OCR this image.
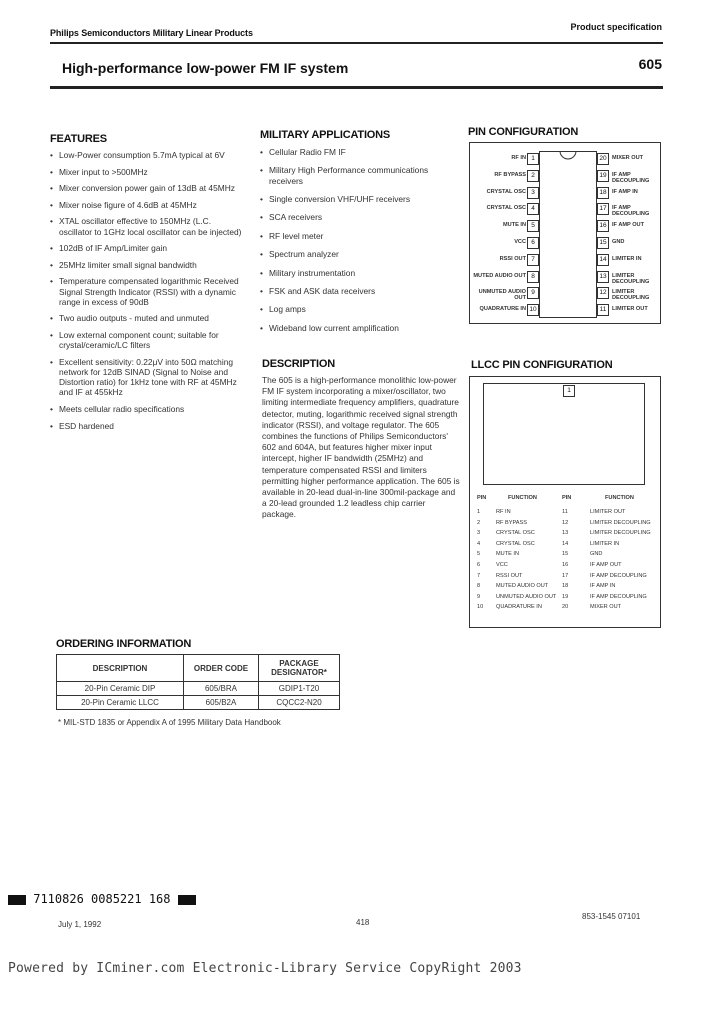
Philips Semiconductors Military Linear Products
Product specification
High-performance low-power FM IF system	605
FEATURES
• Low-Power consumption 5.7mA typical at 6V
• Mixer input to >500MHz
• Mixer conversion power gain of 13dB at 45MHz
• Mixer noise figure of 4.6dB at 45MHz
• XTAL oscillator effective to 150MHz (L.C. oscillator to 1GHz local oscillator can be injected)
• 102dB of IF Amp/Limiter gain
• 25MHz limiter small signal bandwidth
• Temperature compensated logarithmic Received Signal Strength Indicator (RSSI) with a dynamic range in excess of 90dB
• Two audio outputs - muted and unmuted
• Low external component count; suitable for crystal/ceramic/LC filters
• Excellent sensitivity: 0.22μV into 50Ω matching network for 12dB SINAD (Signal to Noise and Distortion ratio) for 1kHz tone with RF at 45MHz and IF at 455kHz
• Meets cellular radio specifications
• ESD hardened
MILITARY APPLICATIONS
• Cellular Radio FM IF
• Military High Performance communications receivers
• Single conversion VHF/UHF receivers
• SCA receivers
• RF level meter
• Spectrum analyzer
• Military instrumentation
• FSK and ASK data receivers
• Log amps
• Wideband low current amplification
DESCRIPTION
The 605 is a high-performance monolithic low-power FM IF system incorporating a mixer/oscillator, two limiting intermediate frequency amplifiers, quadrature detector, muting, logarithmic received signal strength indicator (RSSI), and voltage regulator. The 605 combines the functions of Philips Semiconductors' 602 and 604A, but features higher mixer input intercept, higher IF bandwidth (25MHz) and temperature compensated RSSI and limiters permitting higher performance application. The 605 is available in 20-lead dual-in-line 300mil-package and a 20-lead grounded 1.2 leadless chip carrier package.
PIN CONFIGURATION
RF IN 1
RF BYPASS 2
CRYSTAL OSC 3
CRYSTAL OSC 4
MUTE IN 5
VCC 6
RSSI OUT 7
MUTED AUDIO OUT 8
UNMUTED AUDIO OUT
9
QUADRATURE IN 10
20 MIXER OUT
19 IF AMP DECOUPLING
18 IF AMP IN
17 IF AMP DECOUPLING
16 IF AMP OUT
15 GND
14 LIMITER IN
13 LIMITER DECOUPLING
12 LIMITER DECOUPLING
11	LIMITER OUT
LLCC PIN CONFIGURATION
1
PIN	FUNCTION	PIN	FUNCTION
1	RF IN	11	LIMITER OUT
2	RF BYPASS	12	LIMITER DECOUPLING
3	CRYSTAL OSC	13	LIMITER DECOUPLING
4	CRYSTAL OSC	14	LIMITER IN
5	MUTE IN	15	GND
6	VCC	16	IF AMP OUT
7	RSSI OUT	17	IF AMP DECOUPLING
8	MUTED AUDIO OUT 18	IF AMP IN
9	UNMUTED AUDIO OUT 19	IF AMP DECOUPLING
10 QUADRATURE IN	20	MIXER OUT
ORDERING INFORMATION
DESCRIPTION	ORDER CODE	PACKAGE DESIGNATOR*
20-Pin Ceramic DIP	605/BRA	GDIP1-T20
20-Pin Ceramic LLCC	605/B2A	CQCC2-N20
* MIL-STD 1835 or Appendix A of 1995 Military Data Handbook
7110826 0085221 168
July 1, 1992	418
853-1545 07101
Powered by ICminer.com Electronic-Library Service CopyRight 2003
